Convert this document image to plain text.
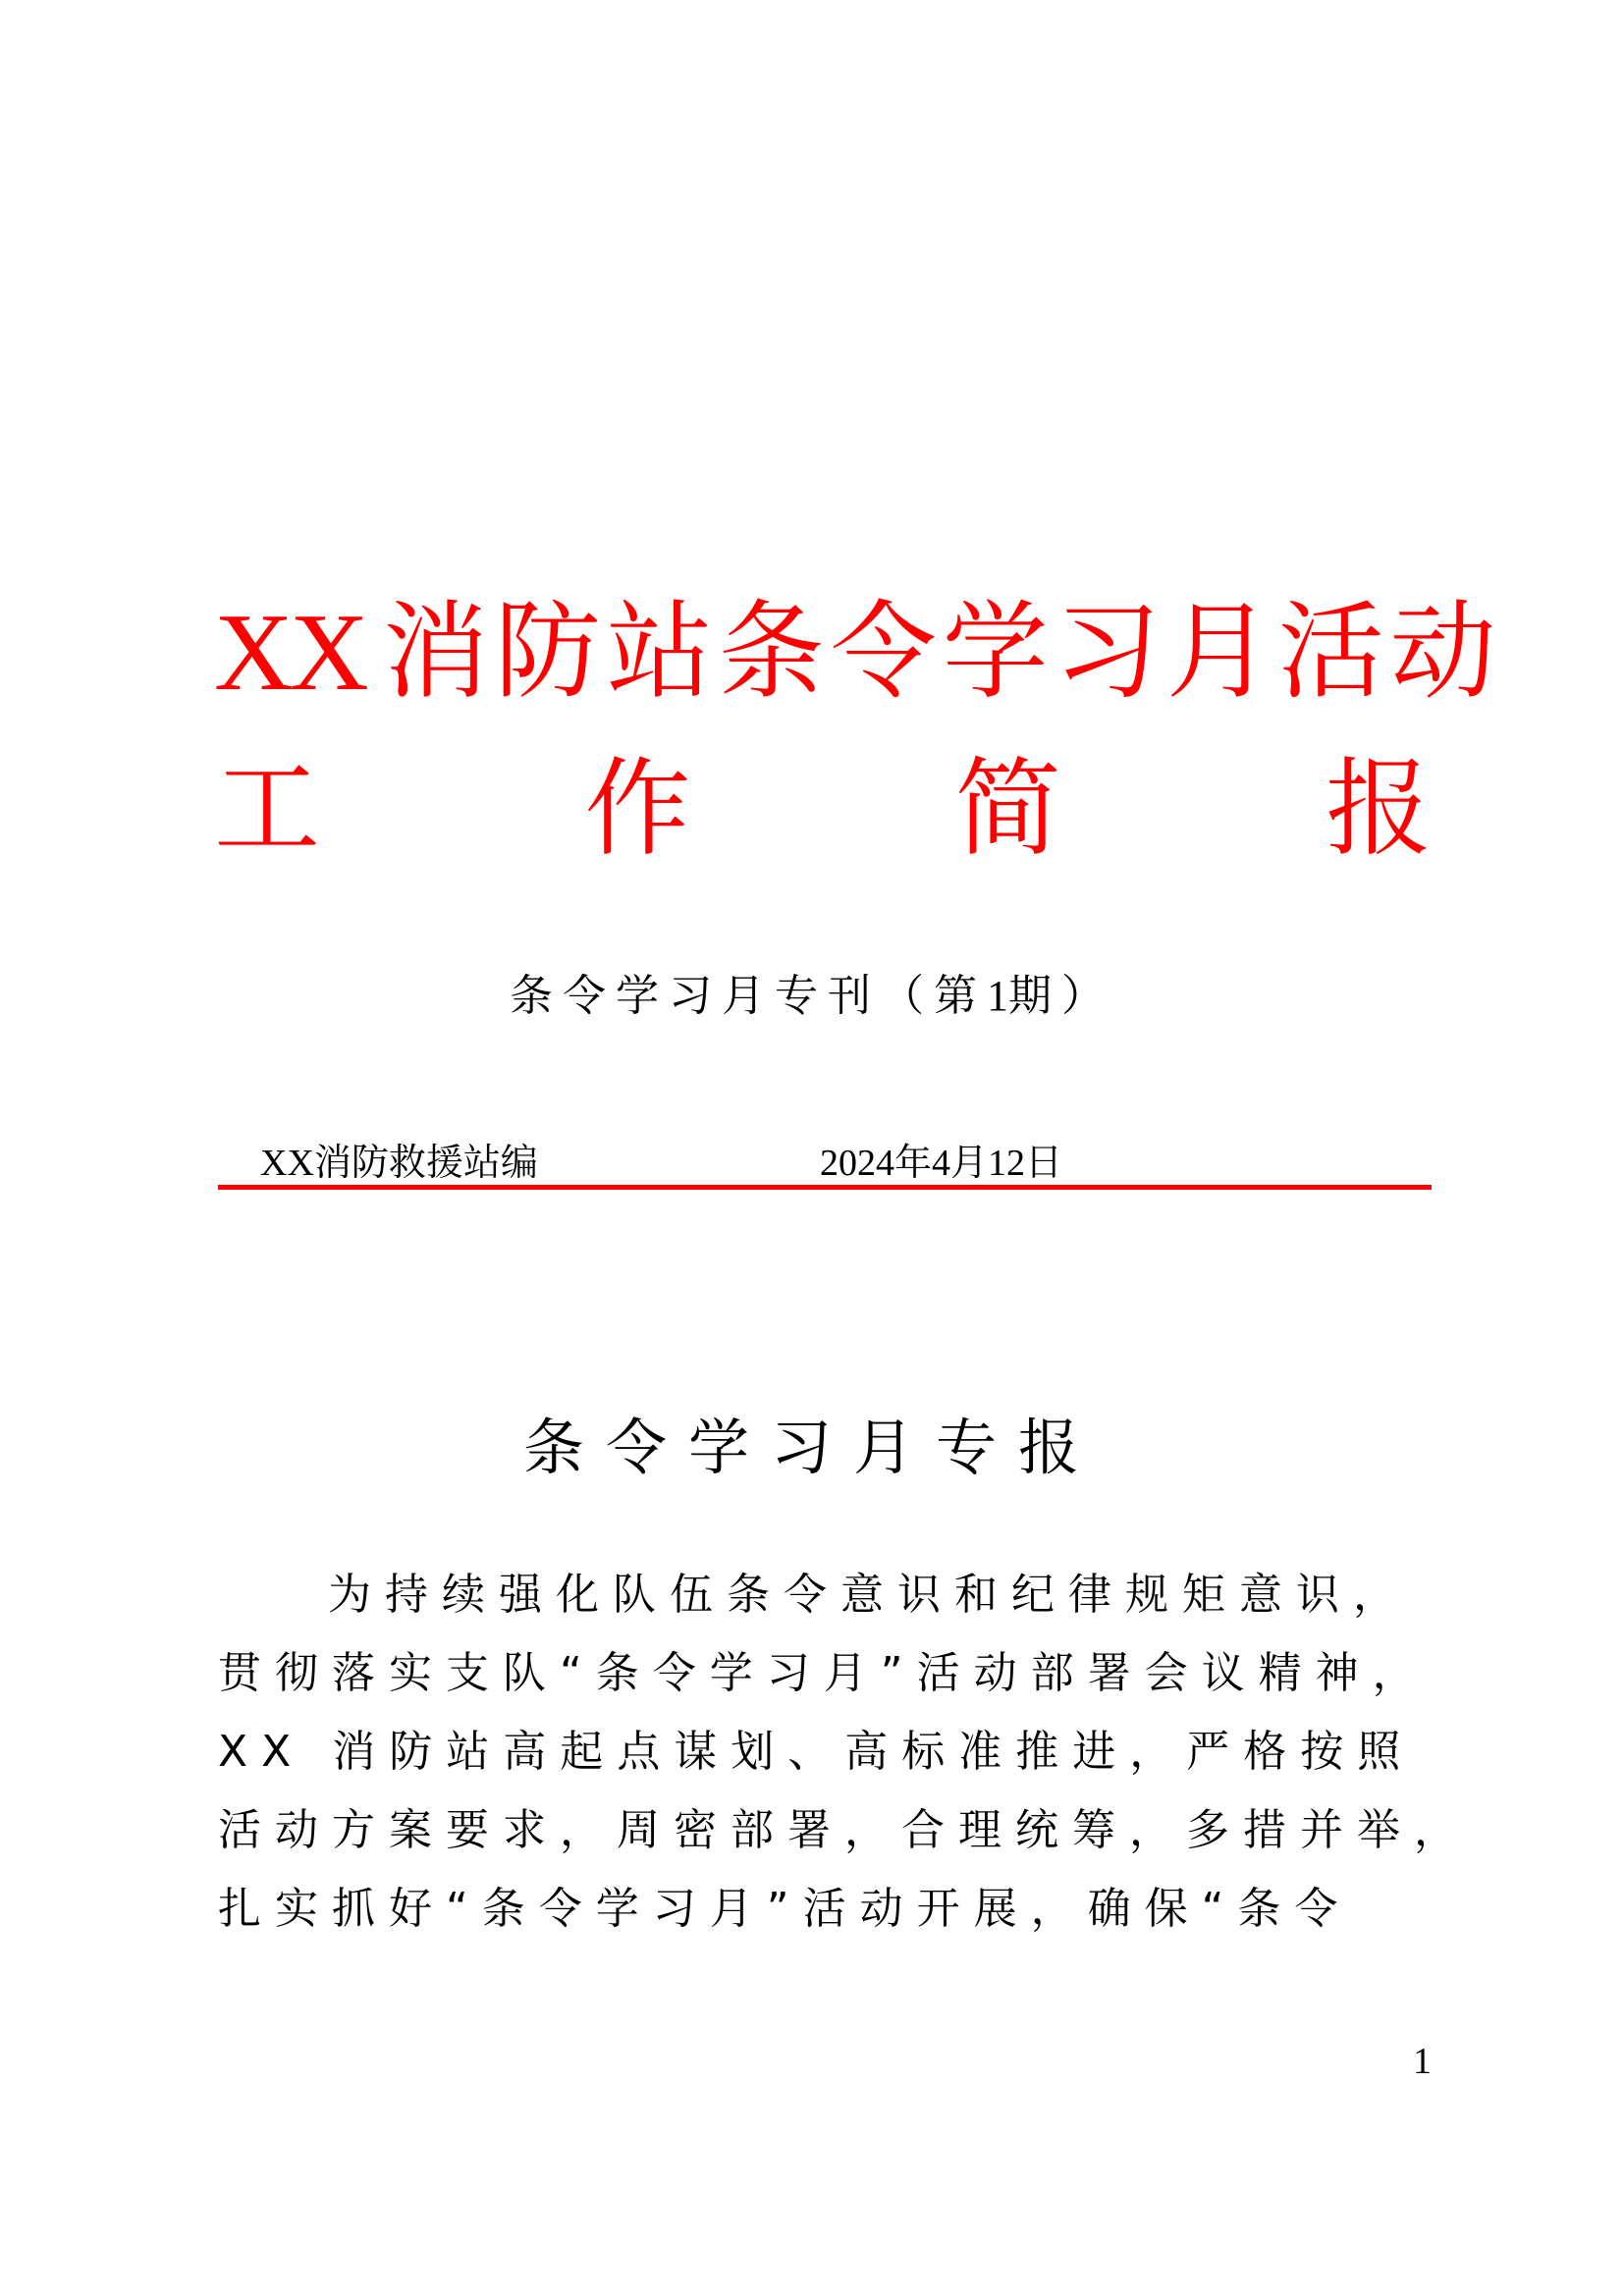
XX 消防站条令学习月活动
工 作 简 报
条令学习月专刊（第1期）
XX消防救援站编	2024年4月12日
条令学习月专报
为持续强化队伍条令意识和纪律规矩意识，
贯彻落实支队“条令学习月”活动部署会议精神，
XX 消防站高起点谋划、高标准推进，严格按照
活动方案要求，周密部署，合理统筹，多措并举，
扎实抓好“条令学习月”活动开展，确保“条令
1
